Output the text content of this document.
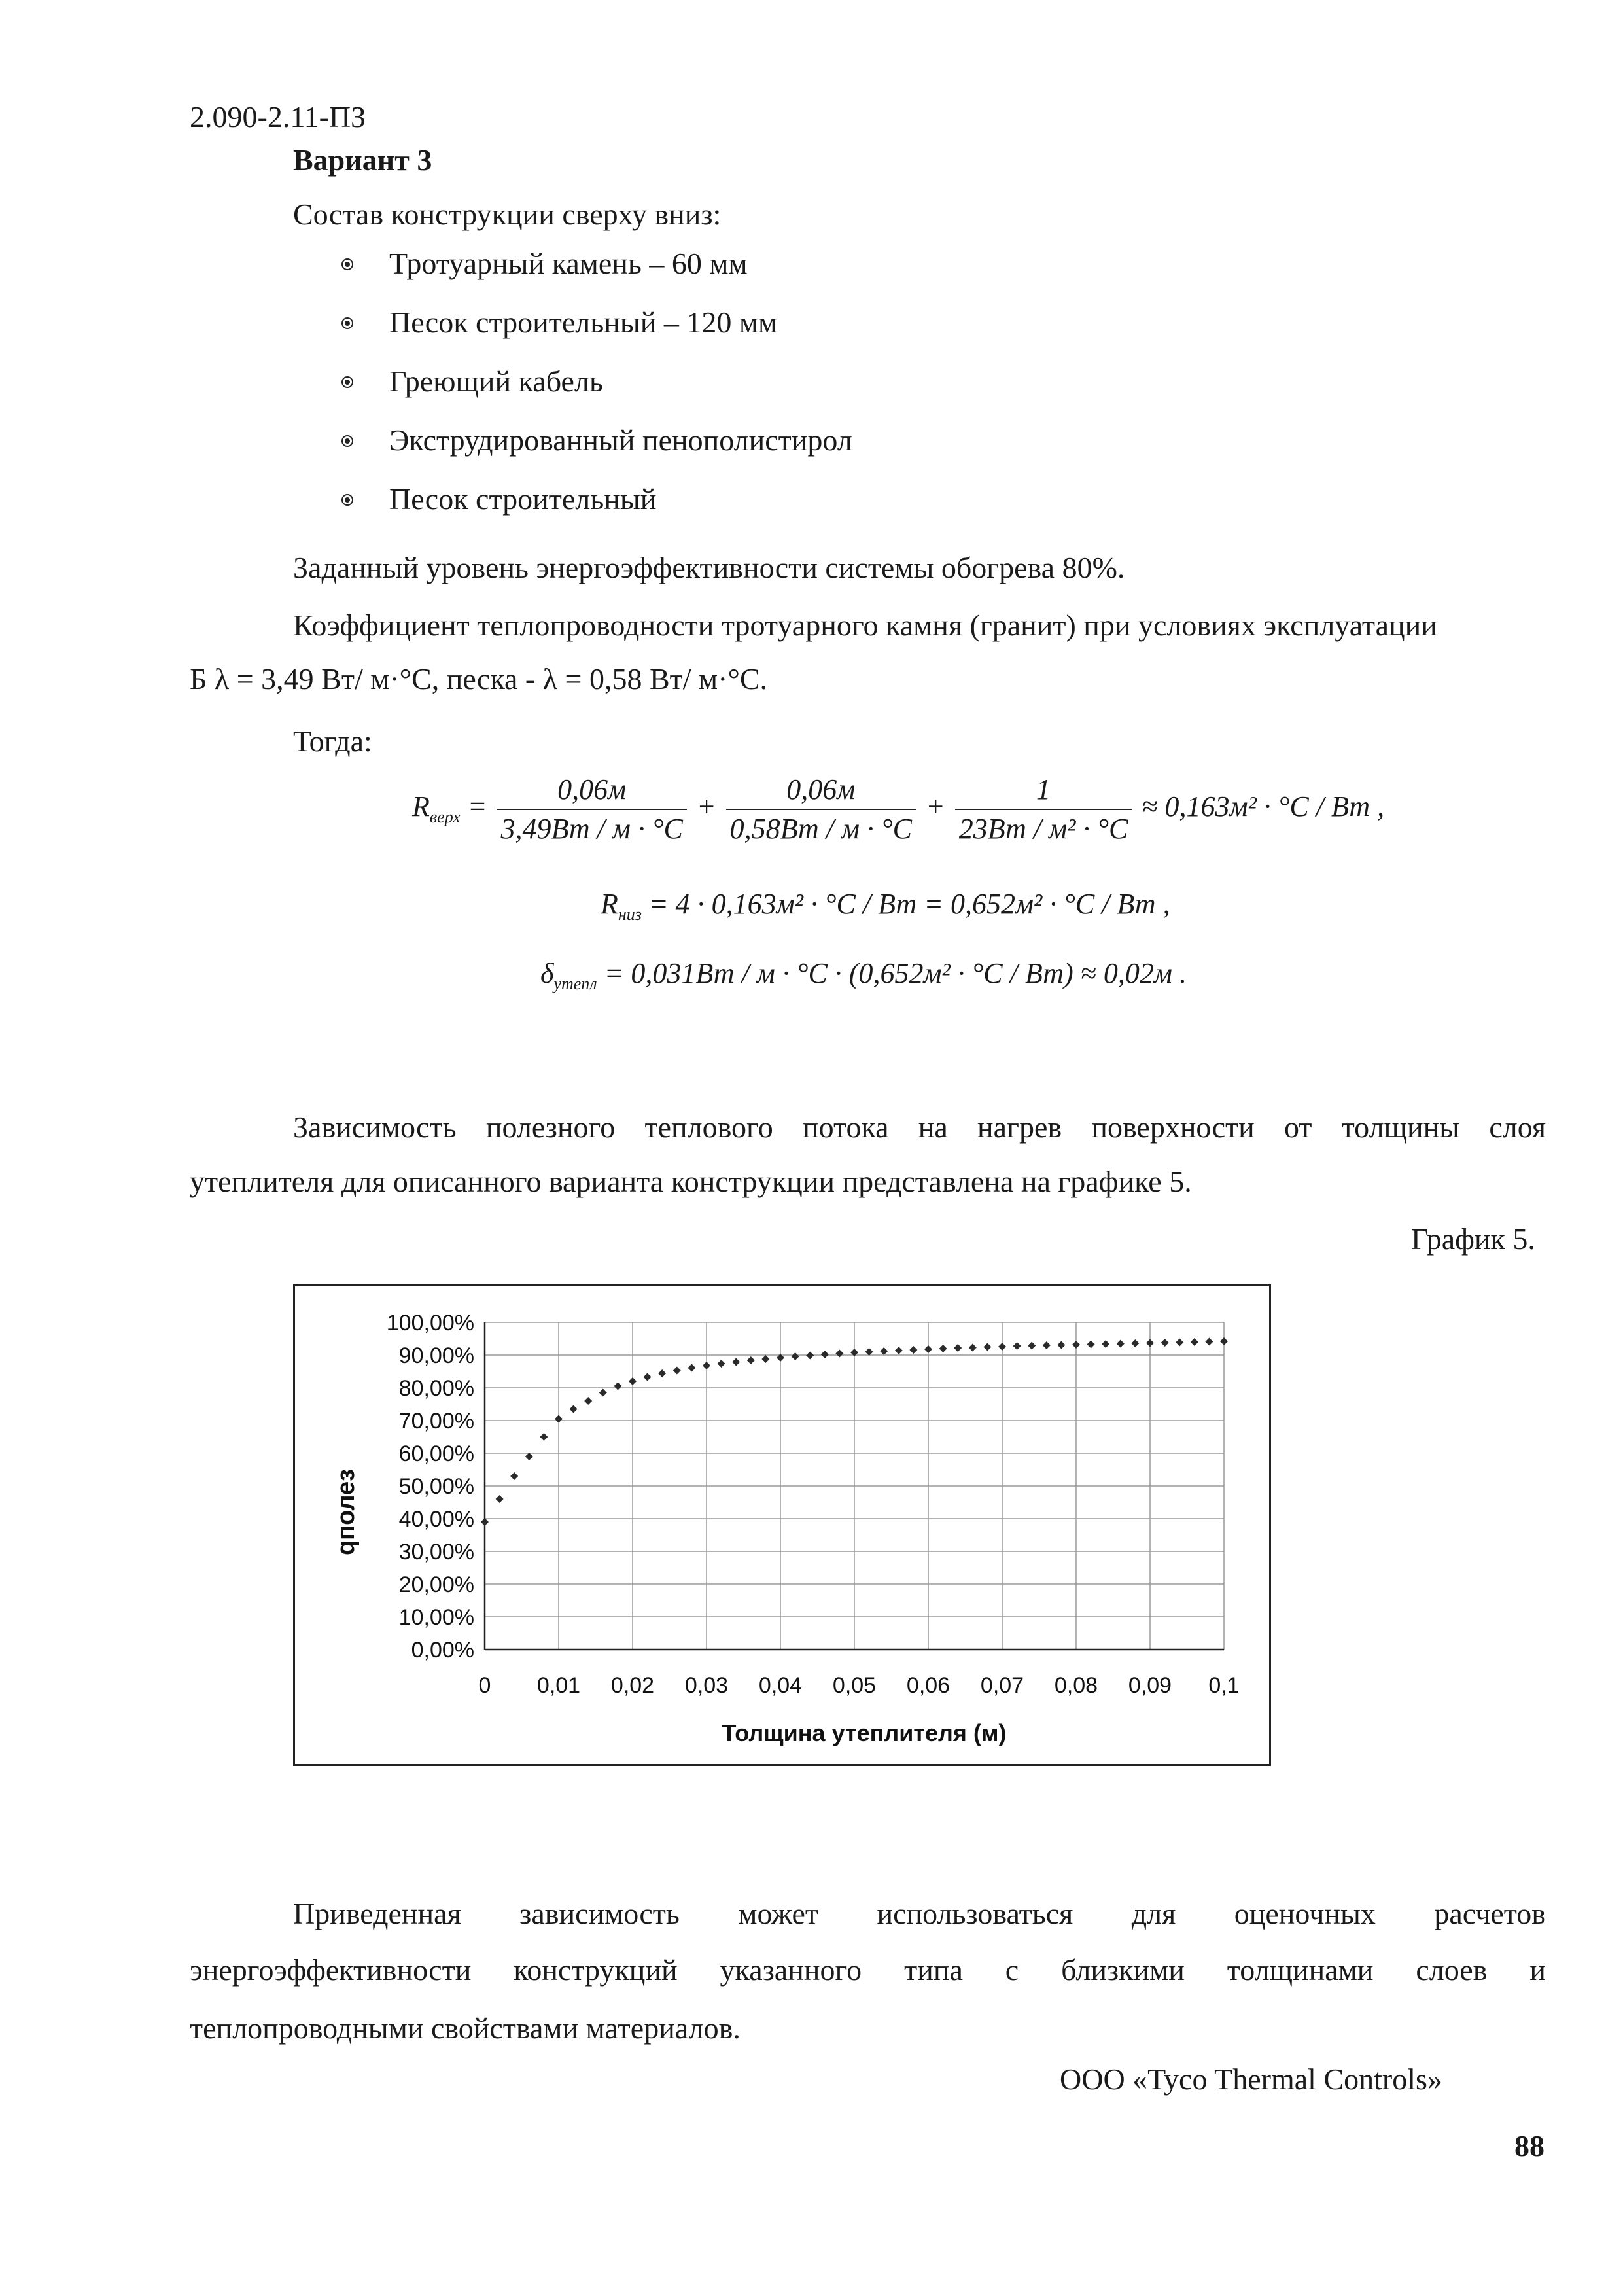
2.090-2.11-ПЗ
Вариант 3
Состав конструкции сверху вниз:
Тротуарный камень – 60 мм
Песок строительный – 120 мм
Греющий кабель
Экструдированный пенополистирол
Песок строительный
Заданный уровень энергоэффективности системы обогрева 80%.
Коэффициент теплопроводности тротуарного камня (гранит) при условиях эксплуатации
Б λ = 3,49 Вт/ м·°C, песка - λ = 0,58 Вт/ м·°C.
Тогда:
$R_{верх} = \frac{0,06м}{3,49Вт / м \cdot ^\circ C} + \frac{0,06м}{0,58Вт / м \cdot ^\circ C} + \frac{1}{\text{23Вт / м² · °C}} \approx 0,163м^2 \cdot ^\circ C$ / Вт ,
$R_{низ} = 4 \cdot 0,163м^2 \cdot ^\circ C$ / Вт = 0,652м² · °C / Вт ,
$\delta_{утепл} = 0,031Вт / м \cdot ^\circ C \cdot (0,652м^2 \cdot ^\circ C / Вт) \approx 0,02м$ .
Зависимость полезного теплового потока на нагрев поверхности от толщины слоя
утеплителя для описанного варианта конструкции представлена на графике 5.
График 5.
0,00%
10,00%
20,00%
30,00%
40,00%
50,00%
60,00%
70,00%
80,00%
90,00%
100,00%
0 0,01 0,02 0,03 0,04 0,05 0,06 0,07 0,08 0,09 0,1
Толщина утеплителя (м)
qполез
Приведенная зависимость может использоваться для оценочных расчетов
энергоэффективности конструкций указанного типа с близкими толщинами слоев и
теплопроводными свойствами материалов.
ООО «Tyco Thermal Controls»
88
